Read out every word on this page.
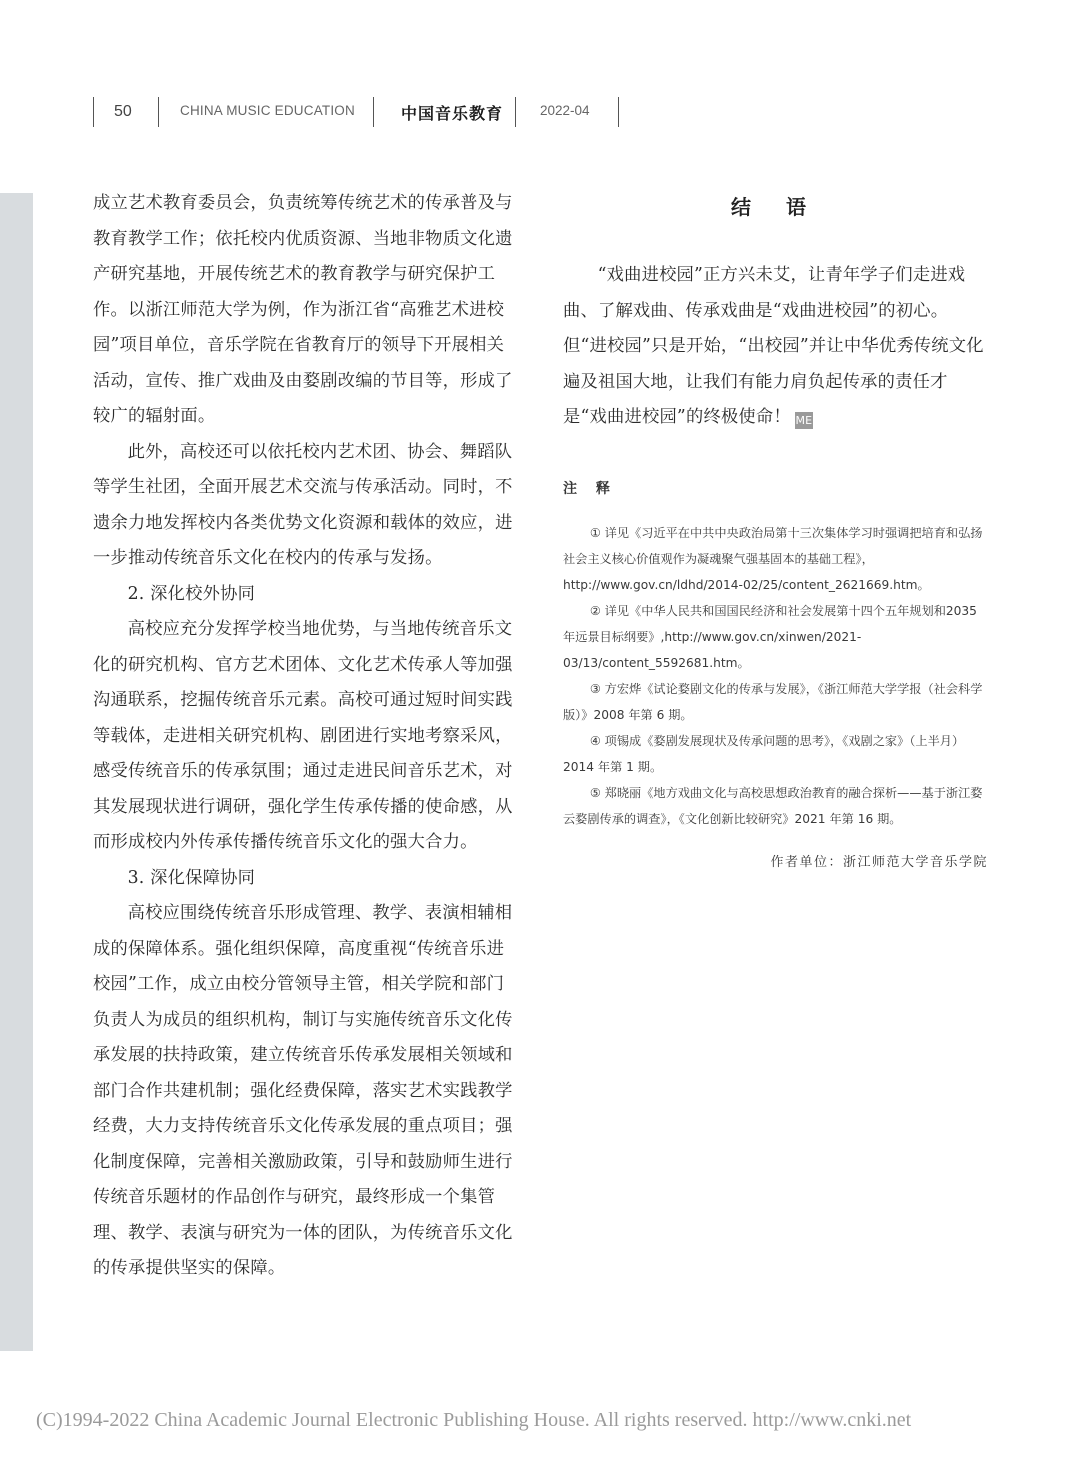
50	CHINA MUSIC EDUCATION	中国音乐教育	2022-04

成立艺术教育委员会，负责统筹传统艺术的传承普及与教育教学工作；依托校内优质资源、当地非物质文化遗产研究基地，开展传统艺术的教育教学与研究保护工作。以浙江师范大学为例，作为浙江省“高雅艺术进校园”项目单位，音乐学院在省教育厅的领导下开展相关活动，宣传、推广戏曲及由婺剧改编的节目等，形成了较广的辐射面。

此外，高校还可以依托校内艺术团、协会、舞蹈队等学生社团，全面开展艺术交流与传承活动。同时，不遗余力地发挥校内各类优势文化资源和载体的效应，进一步推动传统音乐文化在校内的传承与发扬。

2. 深化校外协同

高校应充分发挥学校当地优势，与当地传统音乐文化的研究机构、官方艺术团体、文化艺术传承人等加强沟通联系，挖掘传统音乐元素。高校可通过短时间实践等载体，走进相关研究机构、剧团进行实地考察采风，感受传统音乐的传承氛围；通过走进民间音乐艺术，对其发展现状进行调研，强化学生传承传播的使命感，从而形成校内外传承传播传统音乐文化的强大合力。

3. 深化保障协同

高校应围绕传统音乐形成管理、教学、表演相辅相成的保障体系。强化组织保障，高度重视“传统音乐进校园”工作，成立由校分管领导主管，相关学院和部门负责人为成员的组织机构，制订与实施传统音乐文化传承发展的扶持政策，建立传统音乐传承发展相关领域和部门合作共建机制；强化经费保障，落实艺术实践教学经费，大力支持传统音乐文化传承发展的重点项目；强化制度保障，完善相关激励政策，引导和鼓励师生进行传统音乐题材的作品创作与研究，最终形成一个集管理、教学、表演与研究为一体的团队，为传统音乐文化的传承提供坚实的保障。

结 语

“戏曲进校园”正方兴未艾，让青年学子们走进戏曲、了解戏曲、传承戏曲是“戏曲进校园”的初心。但“进校园”只是开始，“出校园”并让中华优秀传统文化遍及祖国大地，让我们有能力肩负起传承的责任才是“戏曲进校园”的终极使命！ ME

注 释

① 详见《习近平在中共中央政治局第十三次集体学习时强调把培育和弘扬社会主义核心价值观作为凝魂聚气强基固本的基础工程》，http://www.gov.cn/ldhd/2014-02/25/content_2621669.htm。

② 详见《中华人民共和国国民经济和社会发展第十四个五年规划和2035 年远景目标纲要》,http://www.gov.cn/xinwen/2021-03/13/content_5592681.htm。

③ 方宏烨《试论婺剧文化的传承与发展》，《浙江师范大学学报（社会科学版）》2008 年第 6 期。

④ 项锡成《婺剧发展现状及传承问题的思考》，《戏剧之家》（上半月）2014 年第 1 期。

⑤ 郑晓丽《地方戏曲文化与高校思想政治教育的融合探析——基于浙江婺云婺剧传承的调查》，《文化创新比较研究》2021 年第 16 期。

作者单位：浙江师范大学音乐学院
(C)1994-2022 China Academic Journal Electronic Publishing House. All rights reserved. http://www.cnki.net
